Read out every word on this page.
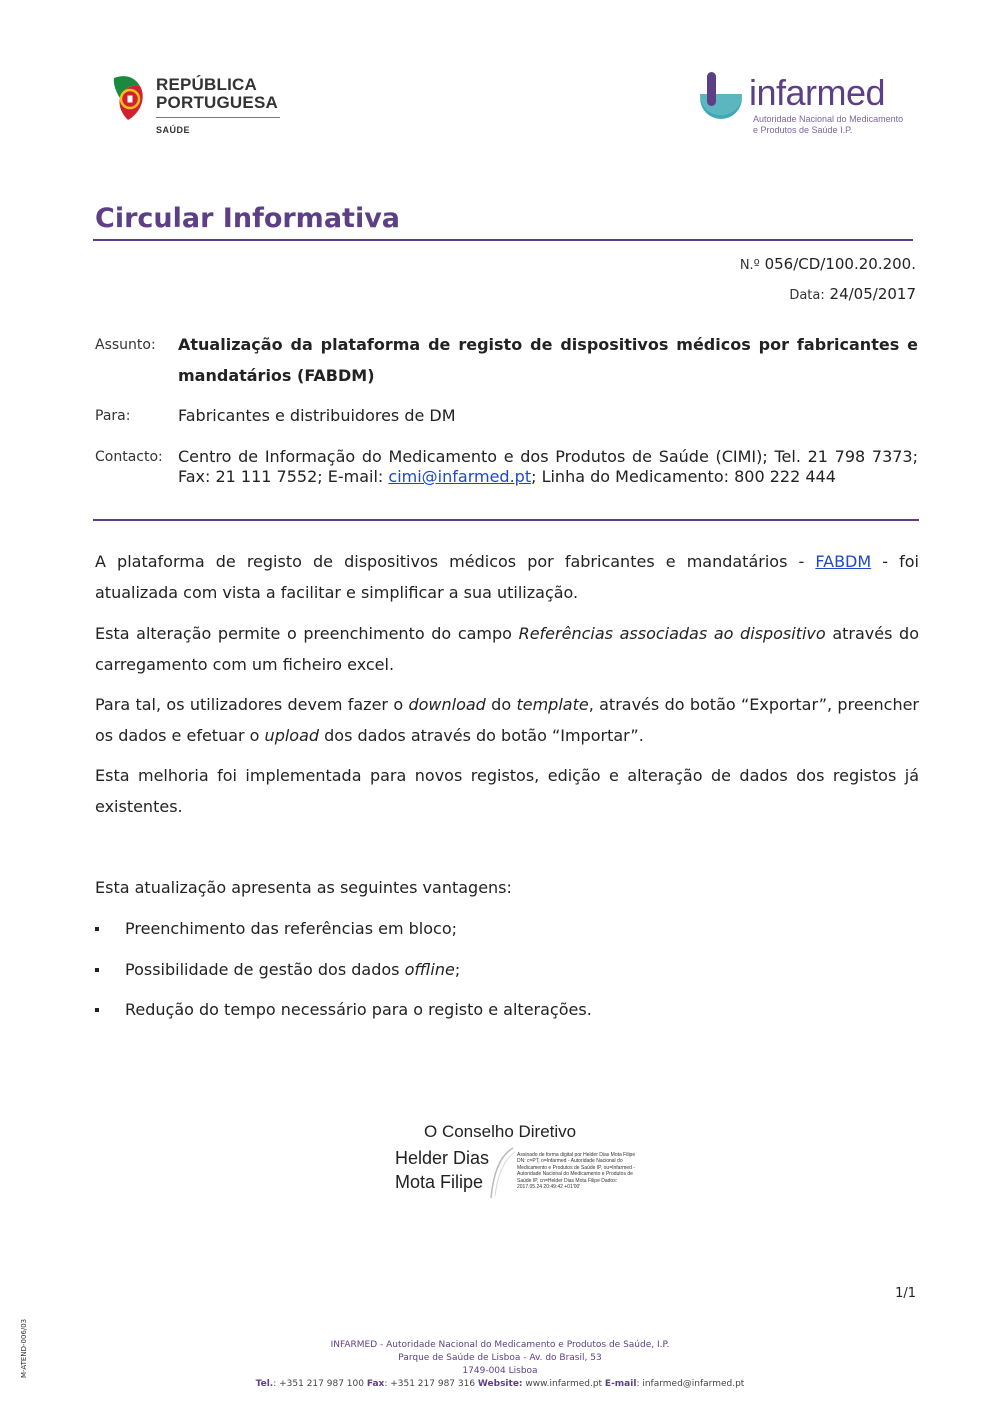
REPÚBLICA
PORTUGUESA
SAÚDE
infarmed
Autoridade Nacional do Medicamento
e Produtos de Saúde I.P.
Circular Informativa
N.º 056/CD/100.20.200.
Data: 24/05/2017
Assunto: Atualização da plataforma de registo de dispositivos médicos por fabricantes e mandatários (FABDM)
Para:	Fabricantes e distribuidores de DM
Contacto: Centro de Informação do Medicamento e dos Produtos de Saúde (CIMI); Tel. 21 798 7373; Fax: 21 111 7552; E-mail: cimi@infarmed.pt; Linha do Medicamento: 800 222 444

A plataforma de registo de dispositivos médicos por fabricantes e mandatários - FABDM - foi atualizada com vista a facilitar e simplificar a sua utilização.

Esta alteração permite o preenchimento do campo Referências associadas ao dispositivo através do carregamento com um ficheiro excel.

Para tal, os utilizadores devem fazer o download do template, através do botão “Exportar”, preencher os dados e efetuar o upload dos dados através do botão “Importar”.

Esta melhoria foi implementada para novos registos, edição e alteração de dados dos registos já existentes.

Esta atualização apresenta as seguintes vantagens:

Preenchimento das referências em bloco;
Possibilidade de gestão dos dados offline;
Redução do tempo necessário para o registo e alterações.
O Conselho Diretivo
Helder Dias
Mota Filipe
Assinado de forma digital por Helder Dias Mota Filipe DN: c=PT, o=Infarmed - Autoridade Nacional do Medicamento e Produtos de Saúde IP, ou=Infarmed - Autoridade Nacional do Medicamento e Produtos de Saúde IP, cn=Helder Dias Mota Filipe Dados: 2017.05.24 20:49:42 +01'00'
1/1
M-ATEND-006/03	INFARMED - Autoridade Nacional do Medicamento e Produtos de Saúde, I.P.
Parque de Saúde de Lisboa - Av. do Brasil, 53
1749-004 Lisboa
Tel.: +351 217 987 100 Fax: +351 217 987 316 Website: www.infarmed.pt E-mail: infarmed@infarmed.pt
